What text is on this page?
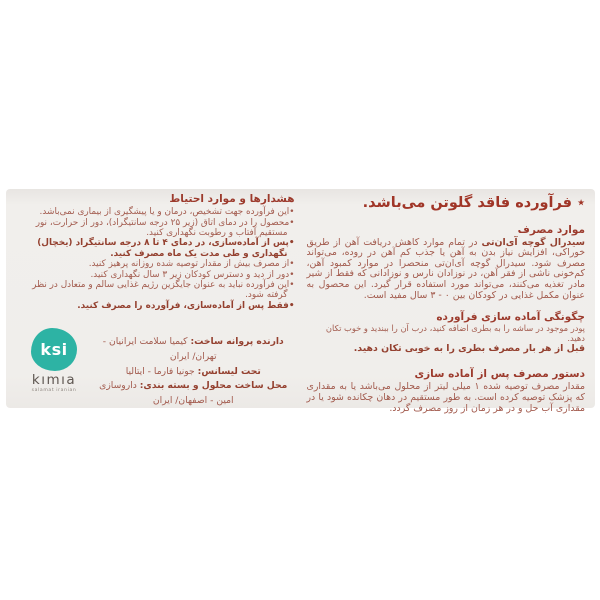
٭ فرآورده فاقد گلوتن می‌باشد.

موارد مصرف

سیدرال گوچه آی‌ان‌تی در تمام موارد کاهش دریافت آهن از طریق خوراکی، افزایش نیاز بدن به آهن یا جذب کم آهن در روده، می‌تواند مصرف شود. سیدرال گوچه آی‌ان‌تی منحصرا در موارد کمبود آهن، کم‌خونی ناشی از فقر آهن، در نوزادان نارس و نوزادانی که فقط از شیر مادر تغذیه می‌کنند، می‌تواند مورد استفاده قرار گیرد. این محصول به عنوان مکمل غذایی در کودکان بین ۰ - ۳ سال مفید است.

چگونگی آماده سازی فرآورده

پودر موجود در ساشه را به بطری اضافه کنید، درب آن را ببندید و خوب تکان دهید.

قبل از هر بار مصرف بطری را به خوبی تکان دهید.

دستور مصرف پس از آماده سازی

مقدار مصرف توصیه شده ۱ میلی لیتر از محلول می‌باشد یا به مقداری که پزشک توصیه کرده است. به طور مستقیم در دهان چکانده شود یا در مقداری آب حل و در هر زمان از روز مصرف گردد.

هشدارها و موارد احتیاط

•این فرآورده جهت تشخیص، درمان و یا پیشگیری از بیماری نمی‌باشد.

•محصول را در دمای اتاق (زیر ۲۵ درجه سانتیگراد)، دور از حرارت، نور مستقیم آفتاب و رطوبت نگهداری کنید.

•پس از آماده‌سازی، در دمای ۴ تا ۸ درجه سانتیگراد (یخچال) نگهداری و طی مدت یک ماه مصرف کنید.

•از مصرف بیش از مقدار توصیه شده روزانه پرهیز کنید.

•دور از دید و دسترس کودکان زیر ۳ سال نگهداری کنید.

•این فرآورده نباید به عنوان جایگزین رژیم غذایی سالم و متعادل در نظر گرفته شود.

•فقط پس از آماده‌سازی، فرآورده را مصرف کنید.

دارنده پروانه ساخت: کیمیا سلامت ایرانیان - تهران/ ایران

تحت لیسانس: جونیا فارما - ایتالیا

محل ساخت محلول و بسته بندی: داروسازی امین - اصفهان/ ایران

ksi
kımıa
salamat iranian
